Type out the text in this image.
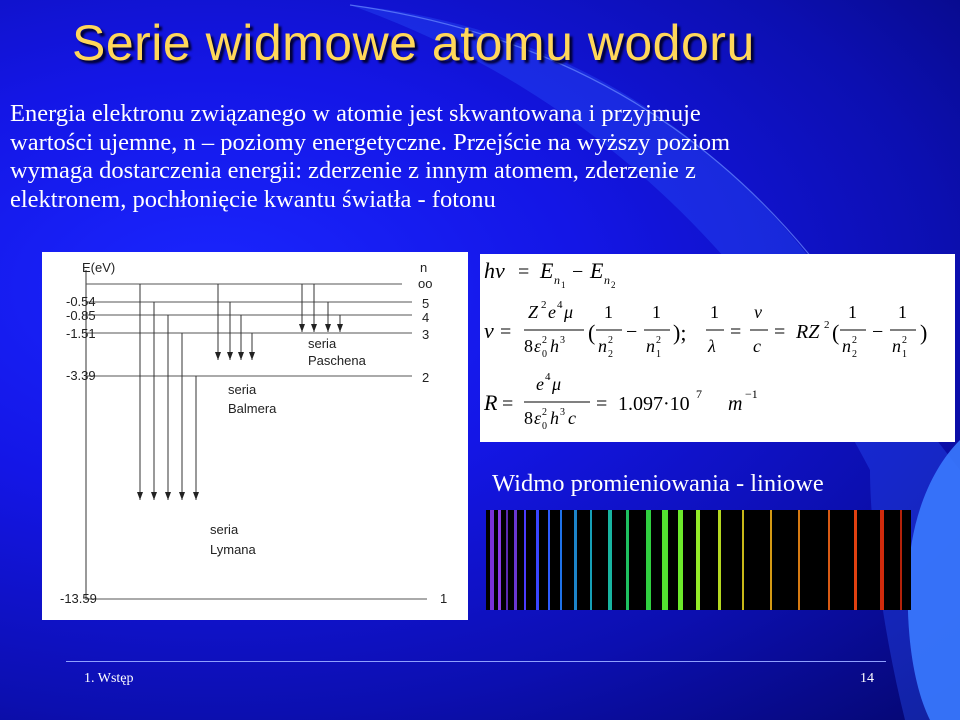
Serie widmowe atomu wodoru
Energia elektronu związanego w atomie jest skwantowana i przyjmuje
wartości ujemne, n – poziomy energetyczne. Przejście na wyższy poziom
wymaga dostarczenia energii: zderzenie z innym atomem, zderzenie z
elektronem, pochłonięcie kwantu światła - fotonu
E(eV)	n
oo
-0.54	5
-0.85	4
-1.51	3
-3.39	2
-13.59	1
seria
Paschena
seria
Balmera
seria
Lymana
hν = E n 1
− E n 2
ν =
Z 2 e 4 μ
8 ε 0
2 h 3 (
1
n 2
2 −
1
n 1
2 );
1
λ
=
ν
c
= RZ 2 (
1
n 2
2 −
1
n 1
2 )
R =
e 4 μ
8 ε 0
2 h 3 c
= 1.097·10 7 m −1
Widmo promieniowania - liniowe
1. Wstęp	14
